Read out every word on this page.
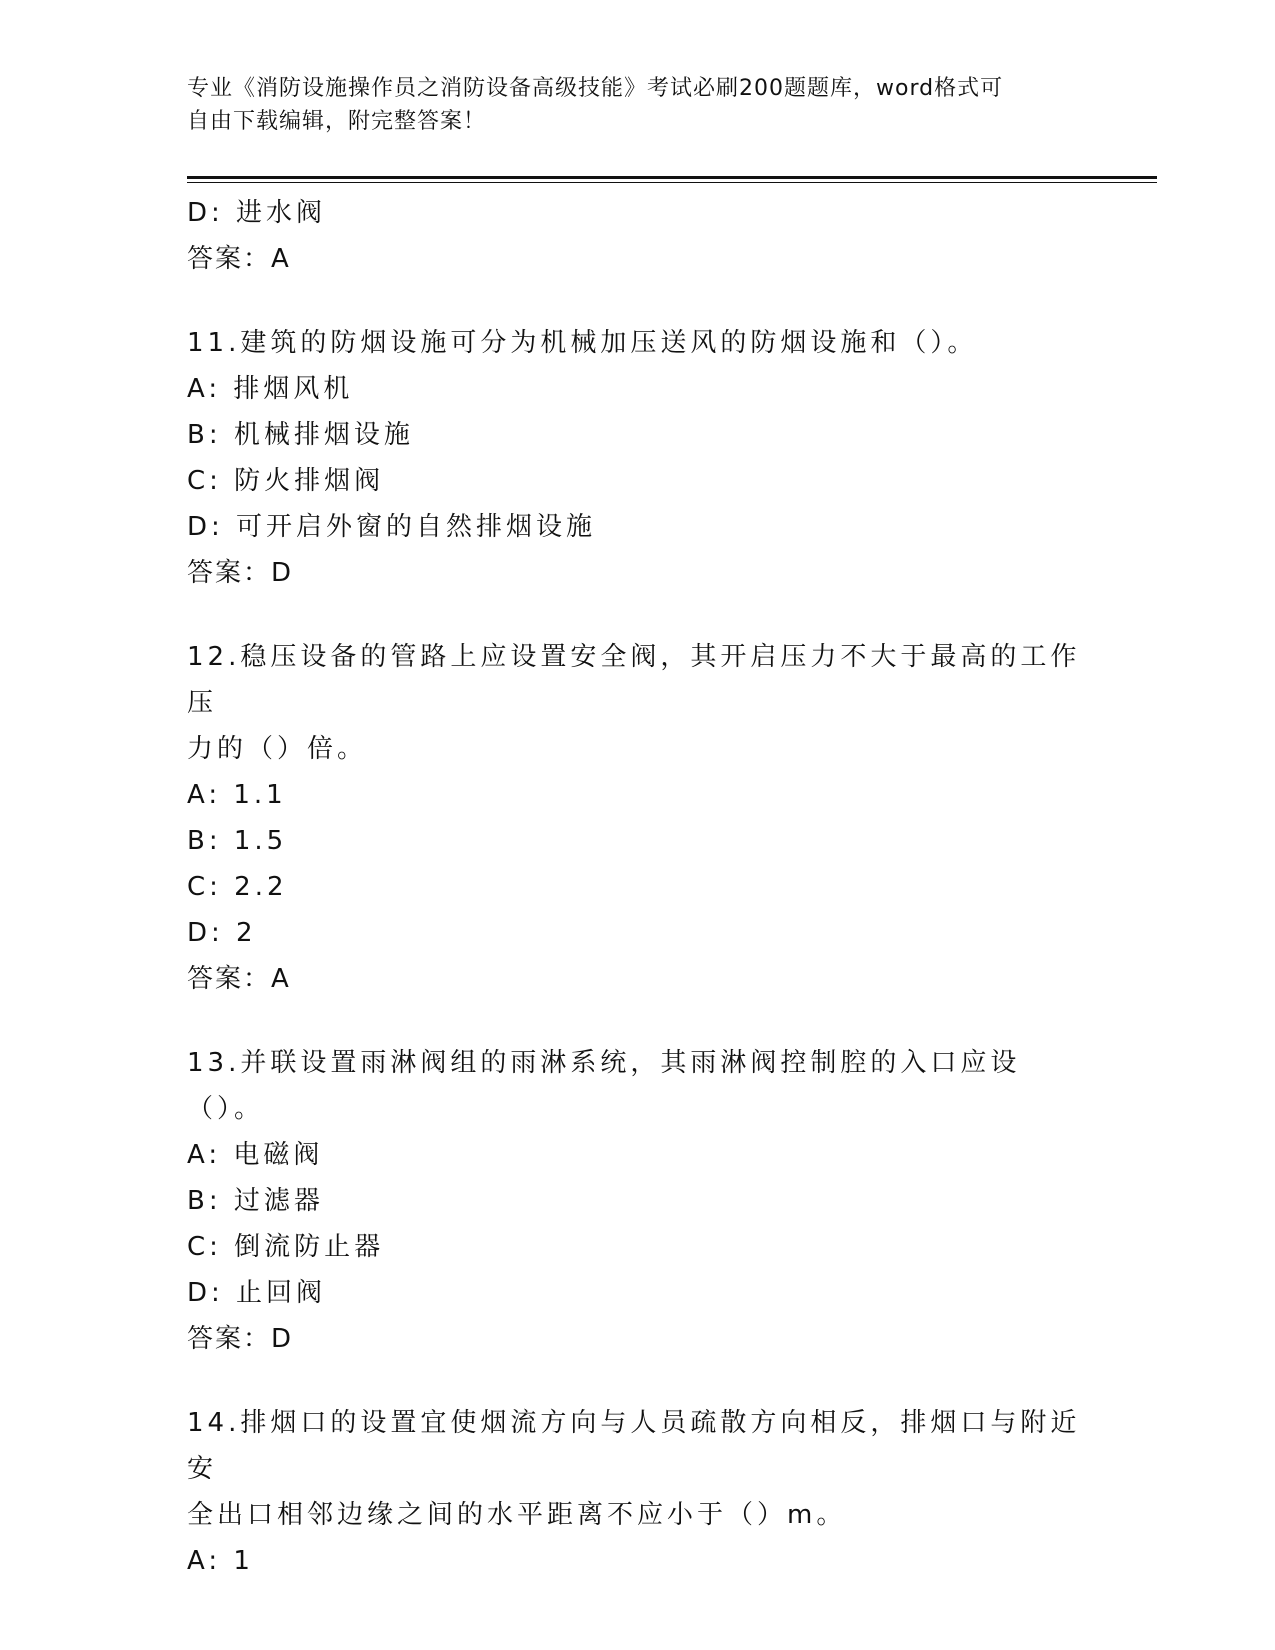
专业《消防设施操作员之消防设备高级技能》考试必刷200题题库，word格式可
自由下载编辑，附完整答案！
D: 进水阀
答案：A
11.建筑的防烟设施可分为机械加压送风的防烟设施和（）。
A: 排烟风机
B: 机械排烟设施
C: 防火排烟阀
D: 可开启外窗的自然排烟设施
答案：D
12.稳压设备的管路上应设置安全阀，其开启压力不大于最高的工作压
力的（）倍。
A: 1.1
B: 1.5
C: 2.2
D: 2
答案：A
13.并联设置雨淋阀组的雨淋系统，其雨淋阀控制腔的入口应设（）。
A: 电磁阀
B: 过滤器
C: 倒流防止器
D: 止回阀
答案：D
14.排烟口的设置宜使烟流方向与人员疏散方向相反，排烟口与附近安
全出口相邻边缘之间的水平距离不应小于（）m。
A: 1
